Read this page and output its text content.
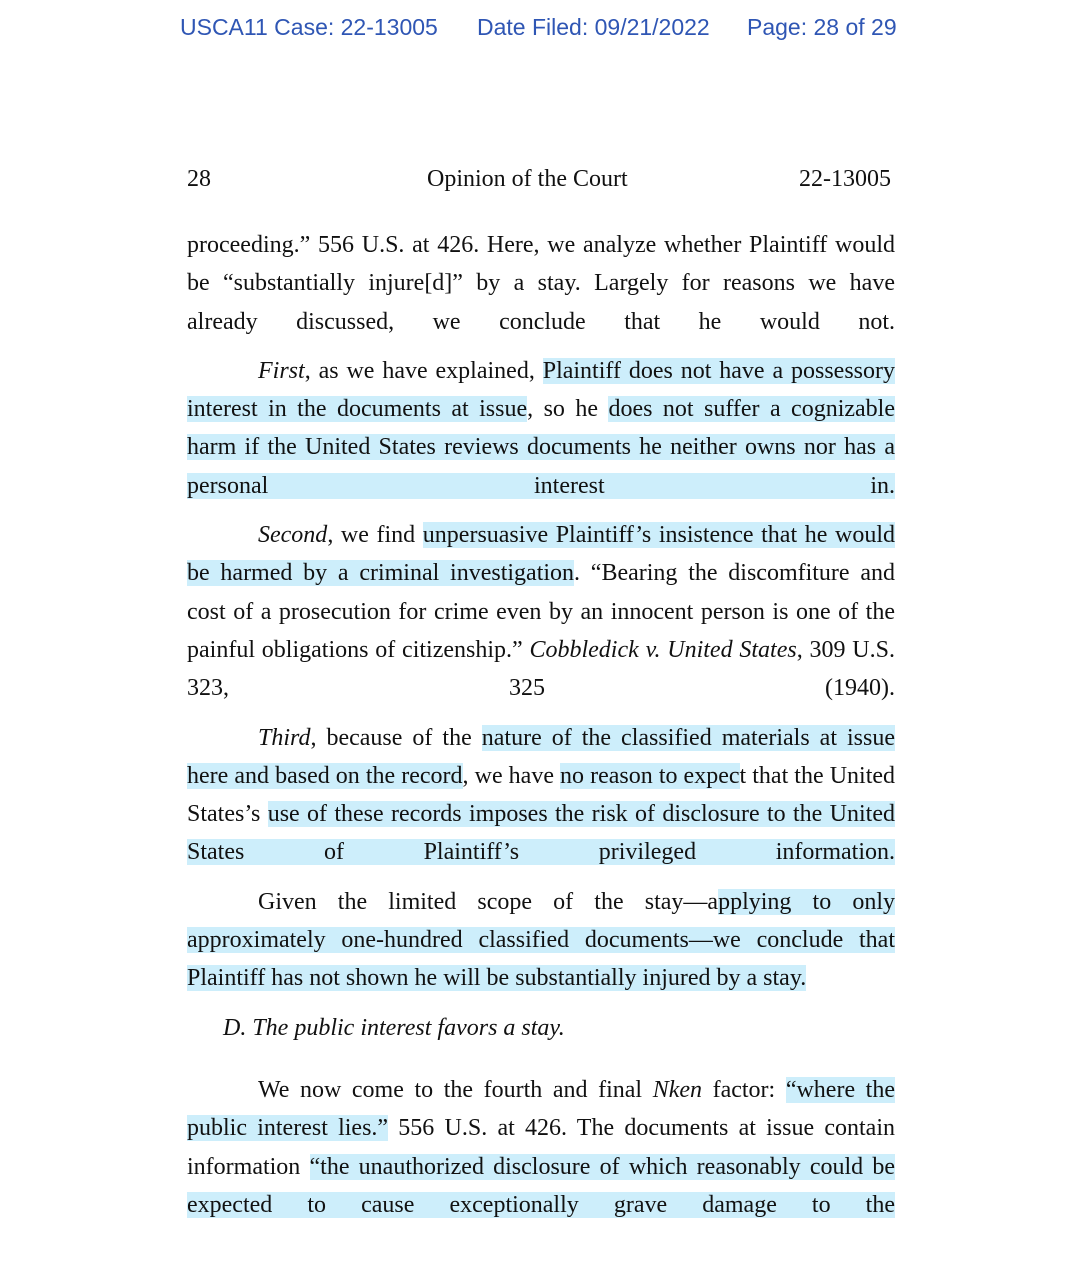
USCA11 Case: 22-13005 Date Filed: 09/21/2022 Page: 28 of 29
28	Opinion of the Court	22-13005

proceeding.” 556 U.S. at 426. Here, we analyze whether Plaintiff would be “substantially injure[d]” by a stay. Largely for reasons we have already discussed, we conclude that he would not.

First, as we have explained, Plaintiff does not have a possessory interest in the documents at issue, so he does not suffer a cognizable harm if the United States reviews documents he neither owns nor has a personal interest in.

Second, we find unpersuasive Plaintiff’s insistence that he would be harmed by a criminal investigation. “Bearing the discomfiture and cost of a prosecution for crime even by an innocent person is one of the painful obligations of citizenship.” Cobbledick v. United States, 309 U.S. 323, 325 (1940).

Third, because of the nature of the classified materials at issue here and based on the record, we have no reason to expect that the United States’s use of these records imposes the risk of disclosure to the United States of Plaintiff’s privileged information.

Given the limited scope of the stay—applying to only approximately one-hundred classified documents—we conclude that Plaintiff has not shown he will be substantially injured by a stay.

D. The public interest favors a stay.

We now come to the fourth and final Nken factor: “where the public interest lies.” 556 U.S. at 426. The documents at issue contain information “the unauthorized disclosure of which reasonably could be expected to cause exceptionally grave damage to the
